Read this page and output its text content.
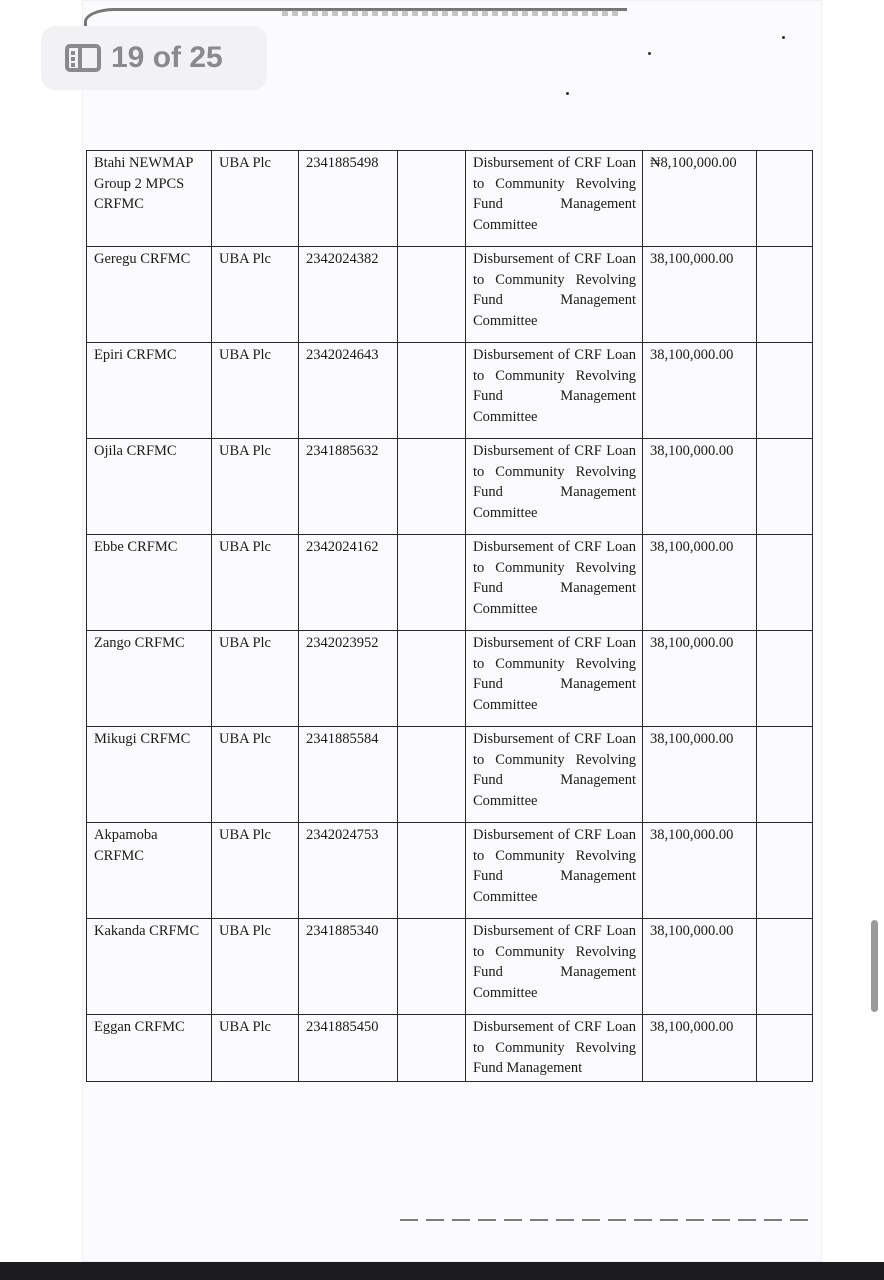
19 of 25
Btahi NEWMAP Group 2 MPCS CRFMC	UBA Plc	2341885498		Disbursement of CRF Loan to Community Revolving Fund Management Committee	₦8,100,000.00	
Geregu CRFMC	UBA Plc	2342024382		Disbursement of CRF Loan to Community Revolving Fund Management Committee	38,100,000.00	
Epiri CRFMC	UBA Plc	2342024643		Disbursement of CRF Loan to Community Revolving Fund Management Committee	38,100,000.00	
Ojila CRFMC	UBA Plc	2341885632		Disbursement of CRF Loan to Community Revolving Fund Management Committee	38,100,000.00	
Ebbe CRFMC	UBA Plc	2342024162		Disbursement of CRF Loan to Community Revolving Fund Management Committee	38,100,000.00	
Zango CRFMC	UBA Plc	2342023952		Disbursement of CRF Loan to Community Revolving Fund Management Committee	38,100,000.00	
Mikugi CRFMC	UBA Plc	2341885584		Disbursement of CRF Loan to Community Revolving Fund Management Committee	38,100,000.00	
Akpamoba CRFMC	UBA Plc	2342024753		Disbursement of CRF Loan to Community Revolving Fund Management Committee	38,100,000.00	
Kakanda CRFMC	UBA Plc	2341885340		Disbursement of CRF Loan to Community Revolving Fund Management Committee	38,100,000.00	
Eggan CRFMC	UBA Plc	2341885450		Disbursement of CRF Loan to Community Revolving Fund Management	38,100,000.00	
